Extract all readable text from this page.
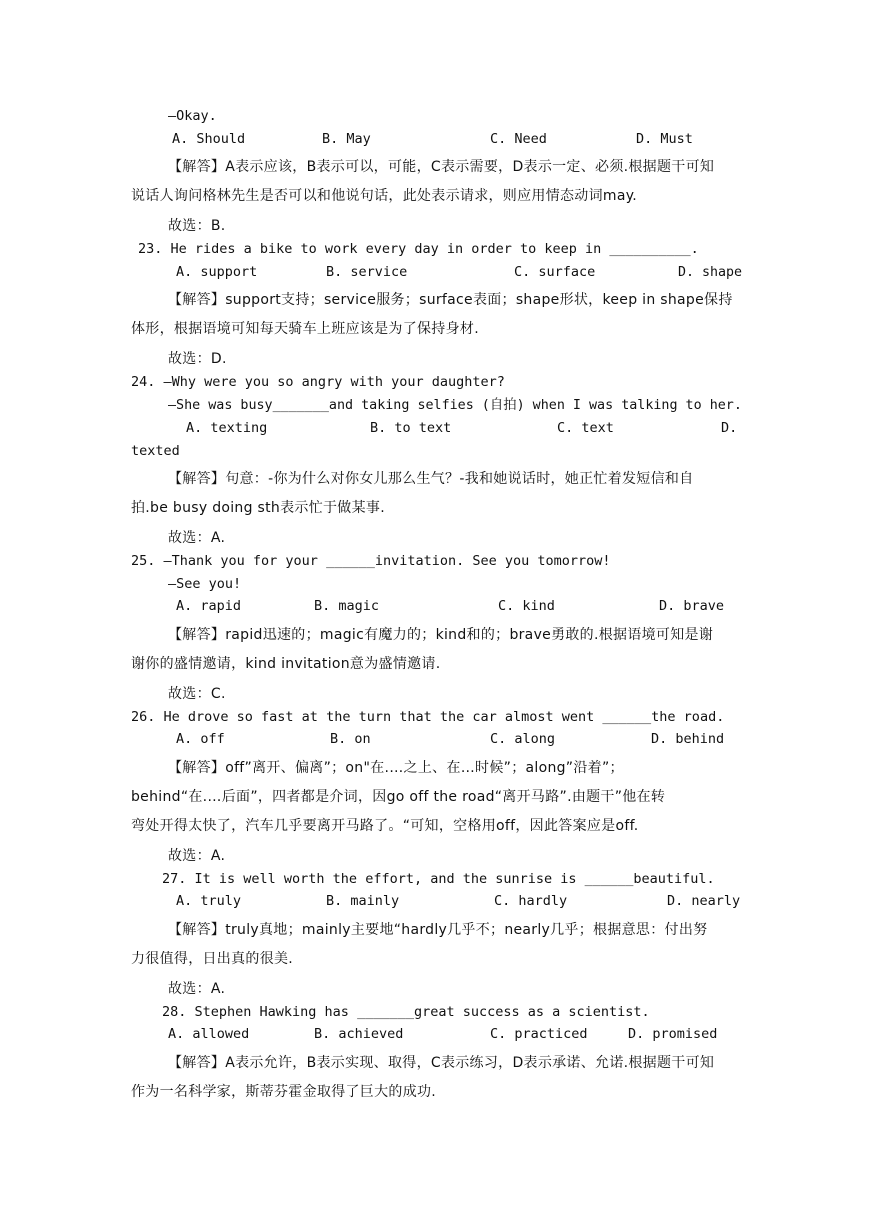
—Okay.
A. Should	B. May	C. Need	D. Must
【解答】A表示应该，B表示可以，可能，C表示需要，D表示一定、必须.根据题干可知
说话人询问格林先生是否可以和他说句话，此处表示请求，则应用情态动词may.
故选：B.
23. He rides a bike to work every day in order to keep in __________.
A. support	B. service	C. surface	D. shape
【解答】support支持；service服务；surface表面；shape形状，keep in shape保持
体形，根据语境可知每天骑车上班应该是为了保持身材.
故选：D.
24. —Why were you so angry with your daughter?
—She was busy_______and taking selfies (自拍) when I was talking to her.
A. texting	B. to text	C. text	D.
texted
【解答】句意：-你为什么对你女儿那么生气？-我和她说话时，她正忙着发短信和自
拍.be busy doing sth表示忙于做某事.
故选：A.
25. —Thank you for your ______invitation. See you tomorrow!
—See you!
A. rapid	B. magic	C. kind	D. brave
【解答】rapid迅速的；magic有魔力的；kind和的；brave勇敢的.根据语境可知是谢
谢你的盛情邀请，kind invitation意为盛情邀请.
故选：C.
26. He drove so fast at the turn that the car almost went ______the road.
A. off	B. on	C. along	D. behind
【解答】off”离开、偏离”；on"在.…之上、在…时候”；along”沿着”；
behind“在.…后面”，四者都是介词，因go off the road“离开马路”.由题干”他在转
弯处开得太快了，汽车几乎要离开马路了。“可知，空格用off，因此答案应是off.
故选：A.
27. It is well worth the effort, and the sunrise is ______beautiful.
A. truly	B. mainly	C. hardly	D. nearly
【解答】truly真地；mainly主要地“hardly几乎不；nearly几乎；根据意思：付出努
力很值得，日出真的很美.
故选：A.
28. Stephen Hawking has _______great success as a scientist.
A. allowed	B. achieved	C. practiced	D. promised
【解答】A表示允许，B表示实现、取得，C表示练习，D表示承诺、允诺.根据题干可知
作为一名科学家，斯蒂芬霍金取得了巨大的成功.
